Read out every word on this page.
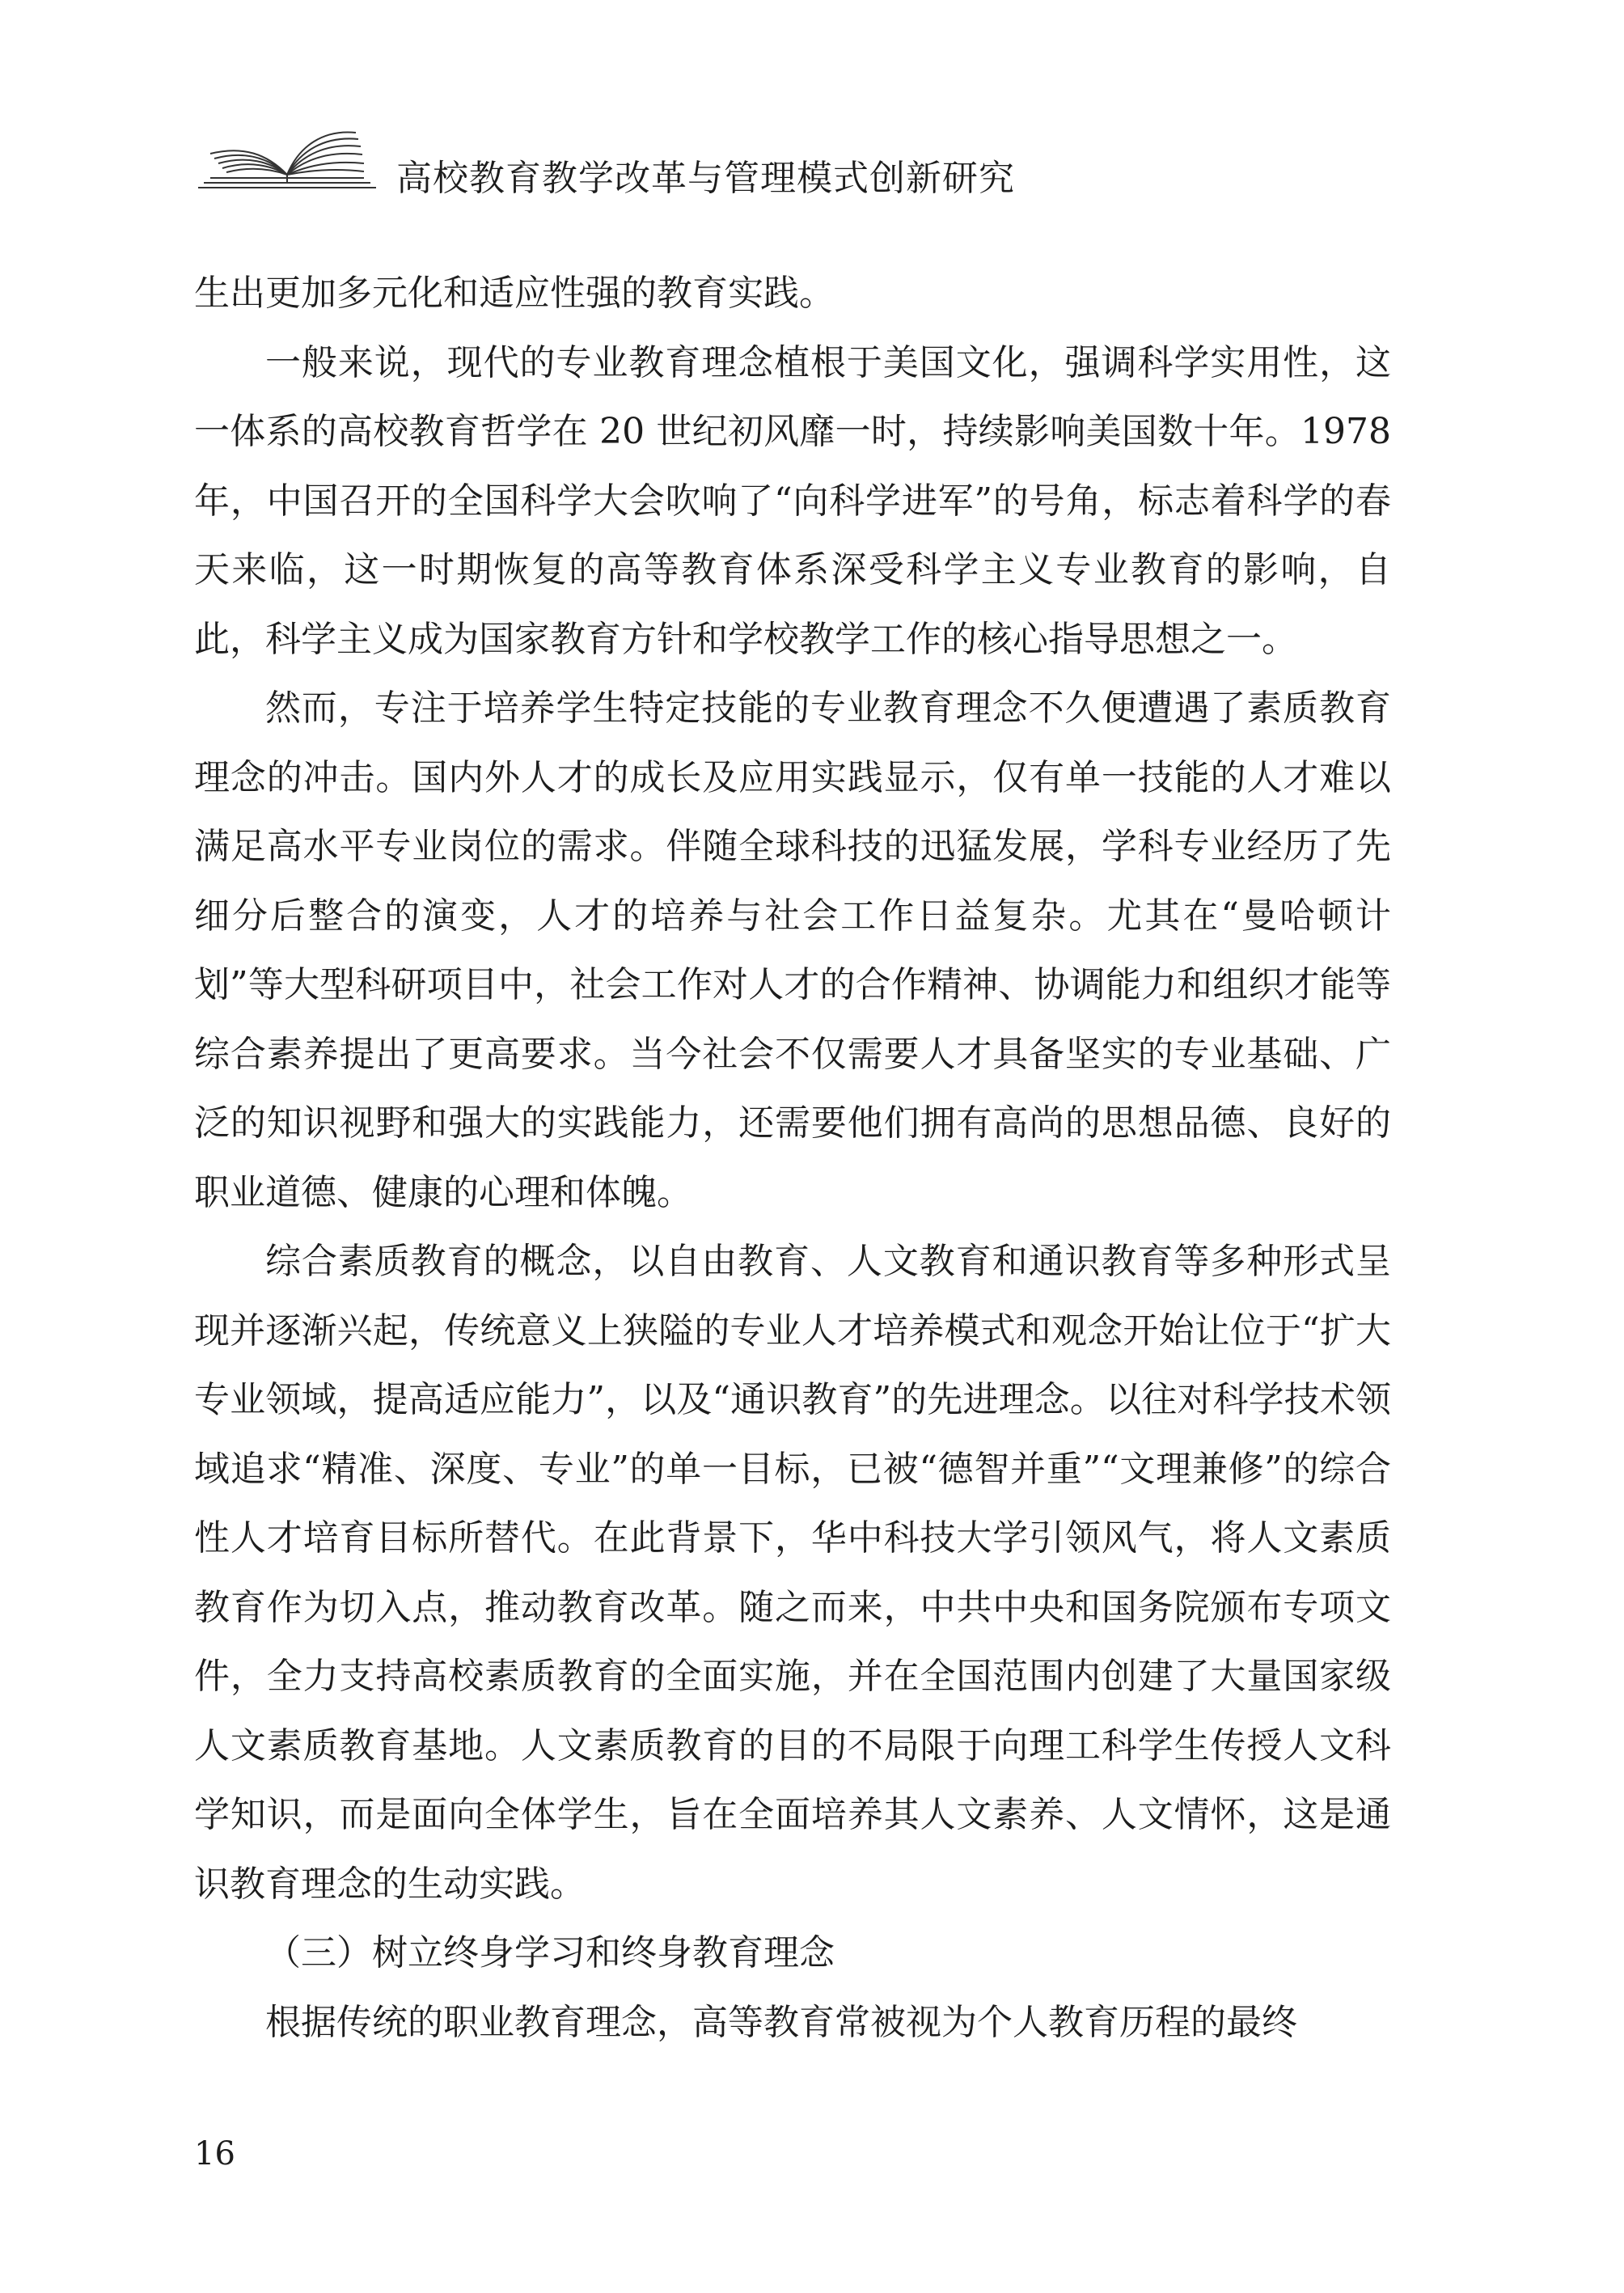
高校教育教学改革与管理模式创新研究

生出更加多元化和适应性强的教育实践。

一般来说，现代的专业教育理念植根于美国文化，强调科学实用性，这一体系的高校教育哲学在 20 世纪初风靡一时，持续影响美国数十年。1978 年，中国召开的全国科学大会吹响了“向科学进军”的号角，标志着科学的春天来临，这一时期恢复的高等教育体系深受科学主义专业教育的影响，自此，科学主义成为国家教育方针和学校教学工作的核心指导思想之一。

然而，专注于培养学生特定技能的专业教育理念不久便遭遇了素质教育理念的冲击。国内外人才的成长及应用实践显示，仅有单一技能的人才难以满足高水平专业岗位的需求。伴随全球科技的迅猛发展，学科专业经历了先细分后整合的演变，人才的培养与社会工作日益复杂。尤其在“曼哈顿计划”等大型科研项目中，社会工作对人才的合作精神、协调能力和组织才能等综合素养提出了更高要求。当今社会不仅需要人才具备坚实的专业基础、广泛的知识视野和强大的实践能力，还需要他们拥有高尚的思想品德、良好的职业道德、健康的心理和体魄。

综合素质教育的概念，以自由教育、人文教育和通识教育等多种形式呈现并逐渐兴起，传统意义上狭隘的专业人才培养模式和观念开始让位于“扩大专业领域，提高适应能力”，以及“通识教育”的先进理念。以往对科学技术领域追求“精准、深度、专业”的单一目标，已被“德智并重”“文理兼修”的综合性人才培育目标所替代。在此背景下，华中科技大学引领风气，将人文素质教育作为切入点，推动教育改革。随之而来，中共中央和国务院颁布专项文件，全力支持高校素质教育的全面实施，并在全国范围内创建了大量国家级人文素质教育基地。人文素质教育的目的不局限于向理工科学生传授人文科学知识，而是面向全体学生，旨在全面培养其人文素养、人文情怀，这是通识教育理念的生动实践。

（三）树立终身学习和终身教育理念

根据传统的职业教育理念，高等教育常被视为个人教育历程的最终

16
